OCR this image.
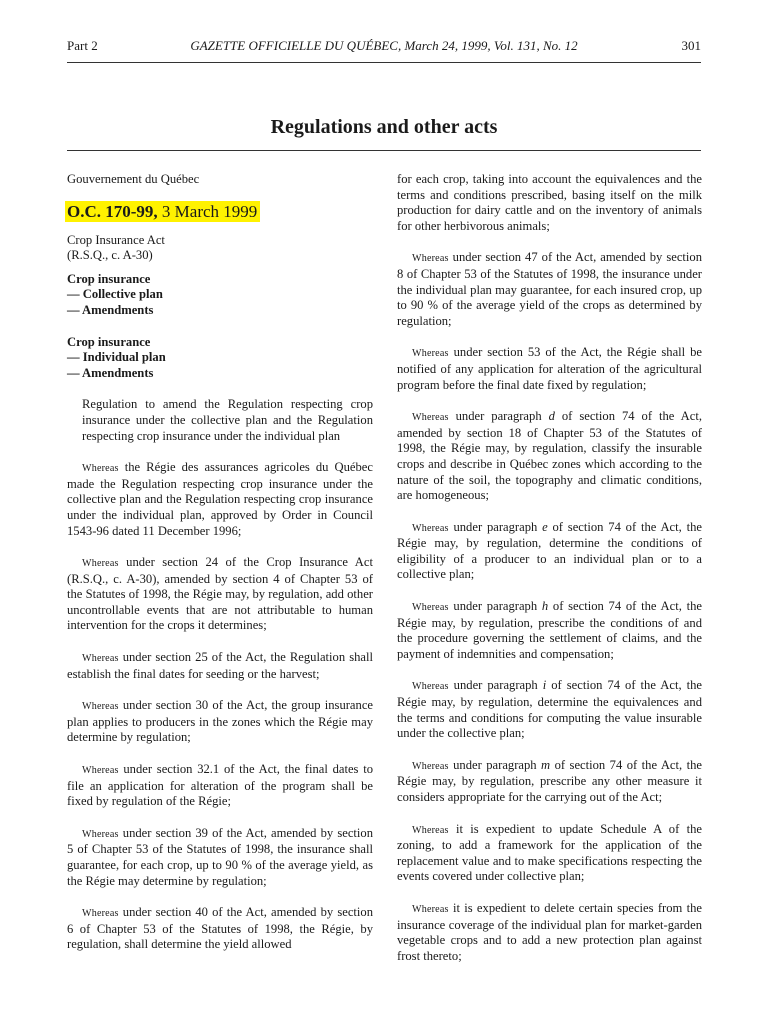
Part 2	GAZETTE OFFICIELLE DU QUÉBEC, March 24, 1999, Vol. 131, No. 12	301
Regulations and other acts

Gouvernement du Québec

O.C. 170-99, 3 March 1999

Crop Insurance Act

(R.S.Q., c. A-30)

Crop insurance

— Collective plan

— Amendments

Crop insurance

— Individual plan

— Amendments

Regulation to amend the Regulation respecting crop insurance under the collective plan and the Regulation respecting crop insurance under the individual plan

Whereas the Régie des assurances agricoles du Québec made the Regulation respecting crop insurance under the collective plan and the Regulation respecting crop insurance under the individual plan, approved by Order in Council 1543-96 dated 11 December 1996;

Whereas under section 24 of the Crop Insurance Act (R.S.Q., c. A-30), amended by section 4 of Chapter 53 of the Statutes of 1998, the Régie may, by regulation, add other uncontrollable events that are not attributable to human intervention for the crops it determines;

Whereas under section 25 of the Act, the Regulation shall establish the final dates for seeding or the harvest;

Whereas under section 30 of the Act, the group insurance plan applies to producers in the zones which the Régie may determine by regulation;

Whereas under section 32.1 of the Act, the final dates to file an application for alteration of the program shall be fixed by regulation of the Régie;

Whereas under section 39 of the Act, amended by section 5 of Chapter 53 of the Statutes of 1998, the insurance shall guarantee, for each crop, up to 90 % of the average yield, as the Régie may determine by regulation;

Whereas under section 40 of the Act, amended by section 6 of Chapter 53 of the Statutes of 1998, the Régie, by regulation, shall determine the yield allowed

for each crop, taking into account the equivalences and the terms and conditions prescribed, basing itself on the milk production for dairy cattle and on the inventory of animals for other herbivorous animals;

Whereas under section 47 of the Act, amended by section 8 of Chapter 53 of the Statutes of 1998, the insurance under the individual plan may guarantee, for each insured crop, up to 90 % of the average yield of the crops as determined by regulation;

Whereas under section 53 of the Act, the Régie shall be notified of any application for alteration of the agricultural program before the final date fixed by regulation;

Whereas under paragraph d of section 74 of the Act, amended by section 18 of Chapter 53 of the Statutes of 1998, the Régie may, by regulation, classify the insurable crops and describe in Québec zones which according to the nature of the soil, the topography and climatic conditions, are homogeneous;

Whereas under paragraph e of section 74 of the Act, the Régie may, by regulation, determine the conditions of eligibility of a producer to an individual plan or to a collective plan;

Whereas under paragraph h of section 74 of the Act, the Régie may, by regulation, prescribe the conditions of and the procedure governing the settlement of claims, and the payment of indemnities and compensation;

Whereas under paragraph i of section 74 of the Act, the Régie may, by regulation, determine the equivalences and the terms and conditions for computing the value insurable under the collective plan;

Whereas under paragraph m of section 74 of the Act, the Régie may, by regulation, prescribe any other measure it considers appropriate for the carrying out of the Act;

Whereas it is expedient to update Schedule A of the zoning, to add a framework for the application of the replacement value and to make specifications respecting the events covered under collective plan;

Whereas it is expedient to delete certain species from the insurance coverage of the individual plan for market-garden vegetable crops and to add a new protection plan against frost thereto;
